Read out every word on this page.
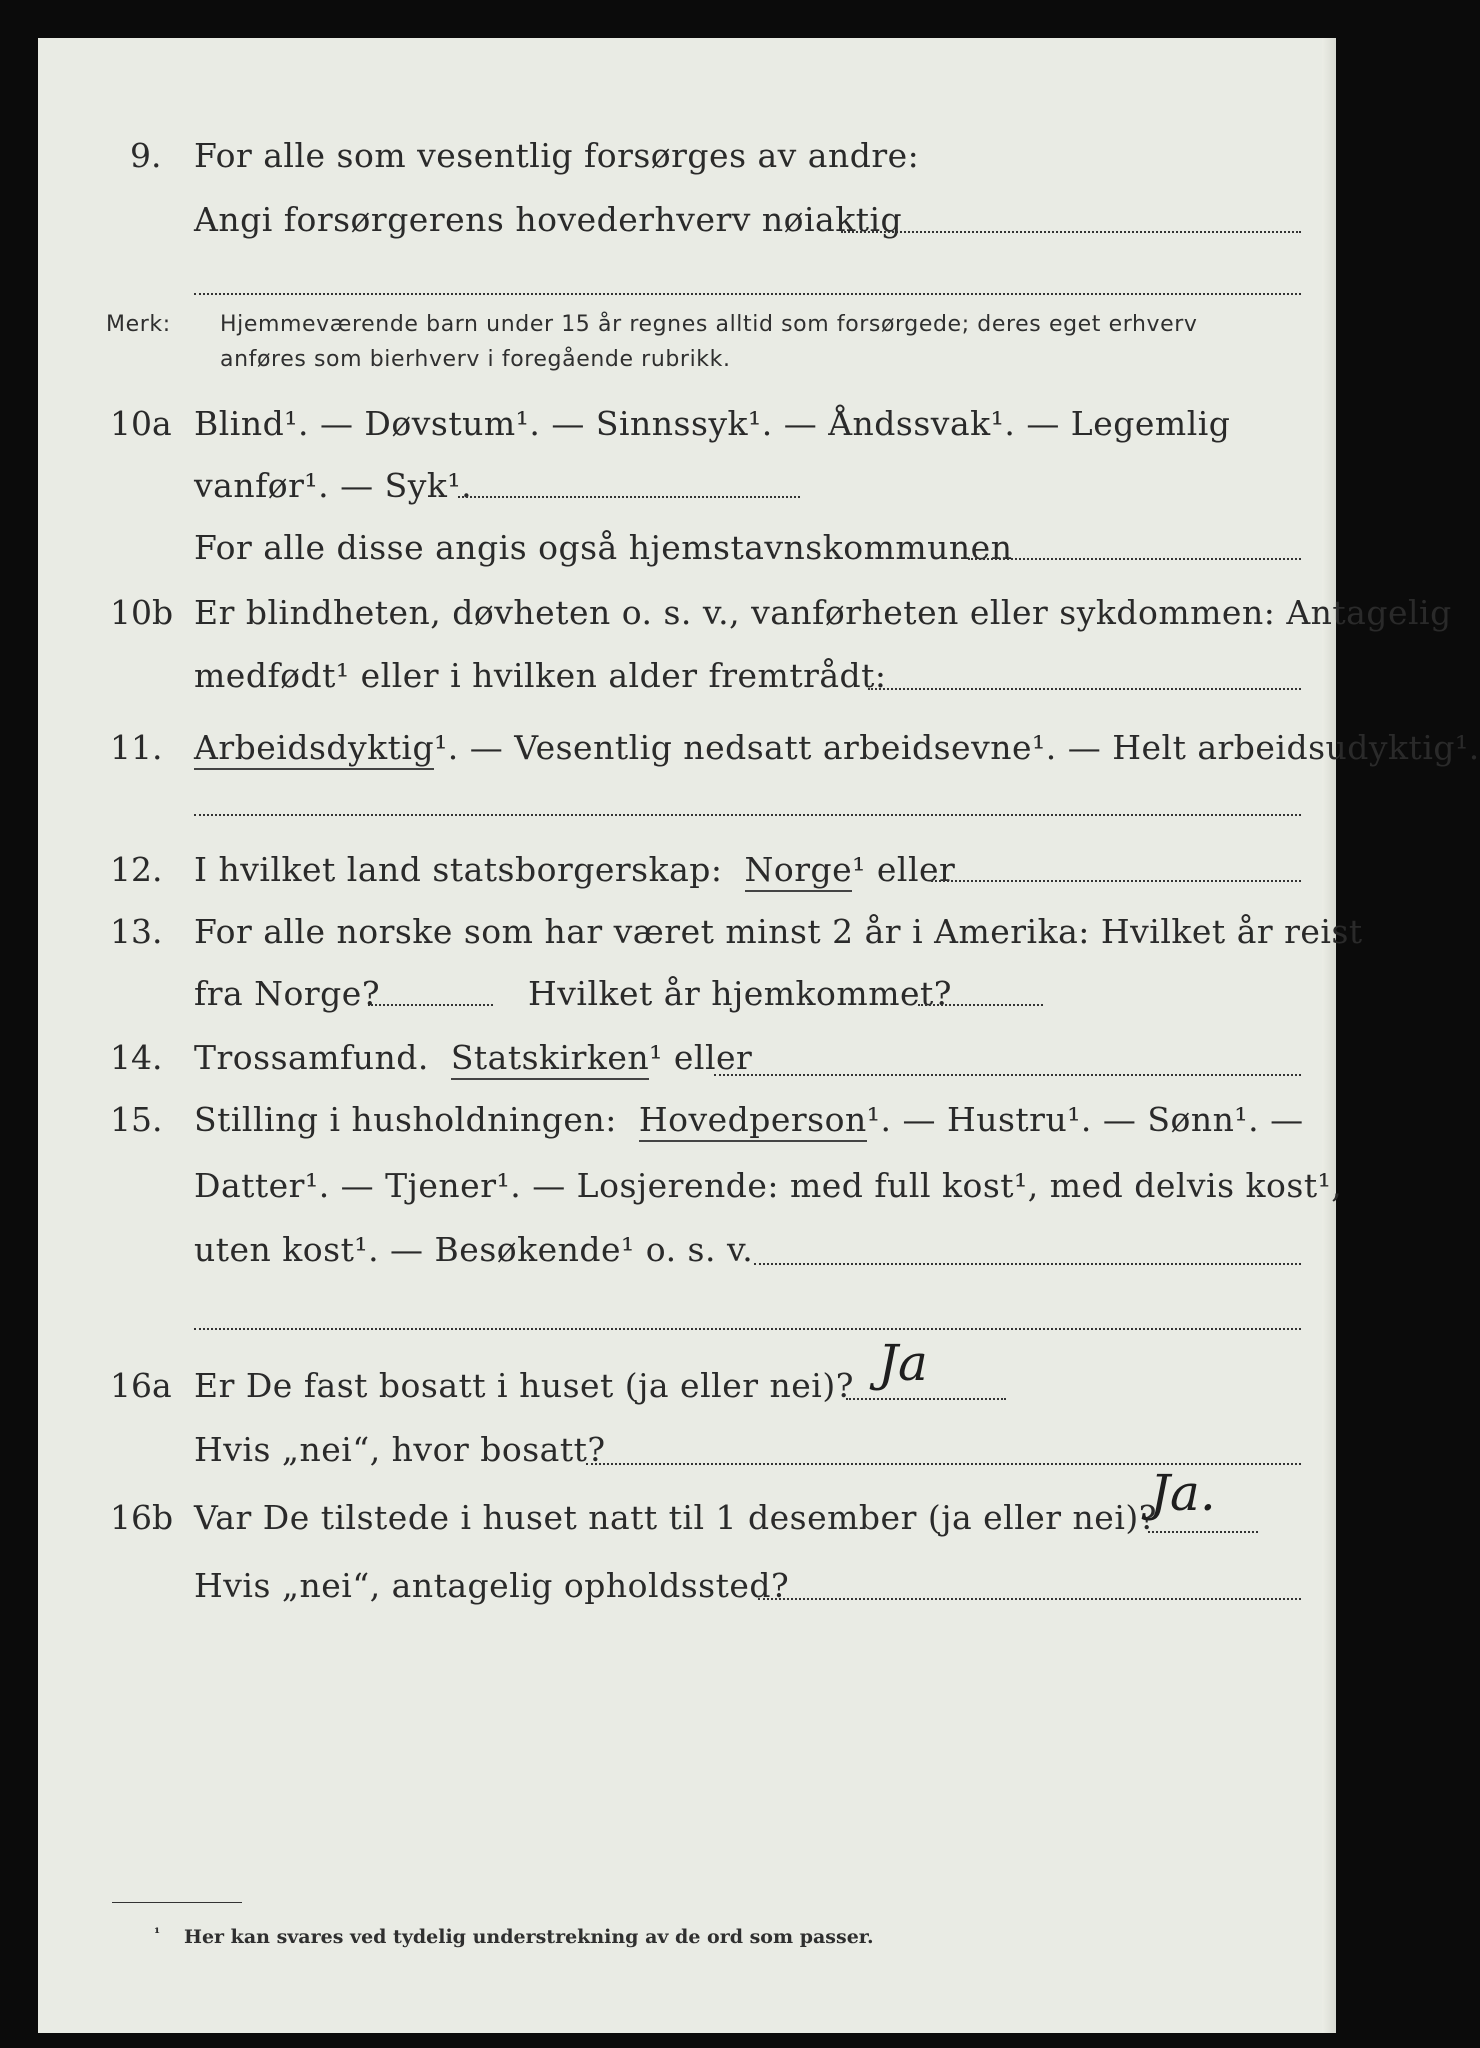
9. For alle som vesentlig forsørges av andre:
Angi forsørgerens hovederhverv nøiaktig
Merk: Hjemmeværende barn under 15 år regnes alltid som forsørgede; deres eget erhverv
anføres som bierhverv i foregående rubrikk.
10a Blind¹. — Døvstum¹. — Sinnssyk¹. — Åndssvak¹. — Legemlig
vanfør¹. — Syk¹.
For alle disse angis også hjemstavnskommunen
10b Er blindheten, døvheten o. s. v., vanførheten eller sykdommen: Antagelig
medfødt¹ eller i hvilken alder fremtrådt:
11. Arbeidsdyktig¹. — Vesentlig nedsatt arbeidsevne¹. — Helt arbeidsudyktig¹.
12. I hvilket land statsborgerskap: Norge¹ eller
13. For alle norske som har været minst 2 år i Amerika: Hvilket år reist
fra Norge?	Hvilket år hjemkommet?
14. Trossamfund. Statskirken¹ eller
15. Stilling i husholdningen: Hovedperson¹. — Hustru¹. — Sønn¹. —
Datter¹. — Tjener¹. — Losjerende: med full kost¹, med delvis kost¹,
uten kost¹. — Besøkende¹ o. s. v.
16a Er De fast bosatt i huset (ja eller nei)? Ja
Hvis „nei“, hvor bosatt?
16b Var De tilstede i huset natt til 1 desember (ja eller nei)?
Ja.
Hvis „nei“, antagelig opholdssted?
¹ Her kan svares ved tydelig understrekning av de ord som passer.
